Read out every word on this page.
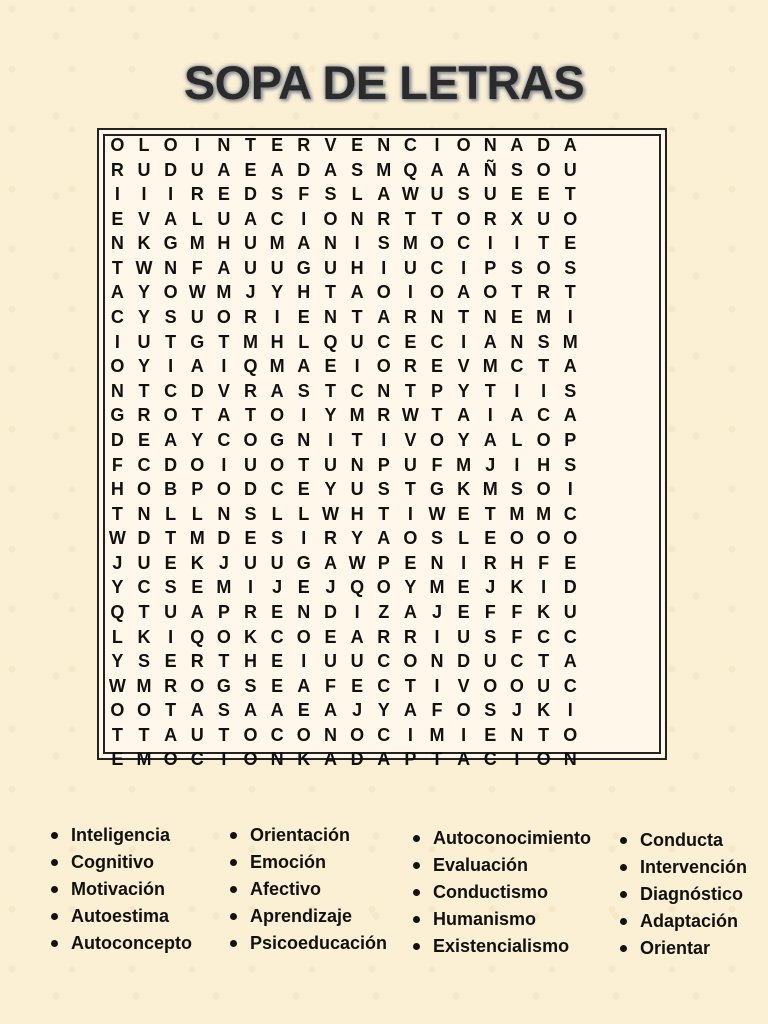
SOPA DE LETRAS
O L O I N T E R V E N C I O N A D A
R U D U A E A D A S M Q A A Ñ S O U
I	I	I R E D S F S L A W U S U E E T
E V A L U A C I O N R T T O R X U O
N K G M H U M A N I	S M O C I	I	T E
T W N F A U U G U H I U C I	P S O S
A Y O W M J Y H T A O I O A O T R T
C Y S U O R I	E N T A R N T N E M I
I U T G T M H L Q U C E C I A N S M
O Y	I A I Q M A E	I O R E V M C T A
N T C D V R A S T C N T P Y T	I	I	S
G R O T A T O I	Y M R W T A I A C A
D E A Y C O G N I	T	I	V O Y A L O P
F C D O I U O T U N P U F M J	I H S
H O B P O D C E Y U S T G K M S O I
T N L L N S L L W H T	I W E T M M C
W D T M D E S	I R Y A O S L E O O O
J U E K J U U G A W P E N I R H F E
Y C S E M I	J E J Q O Y M E J K I D
Q T U A P R E N D I	Z A J E F F K U
L K I Q O K C O E A R R I U S F C C
Y S E R T H E	I U U C O N D U C T A
W M R O G S E A F E C T	I	V O O U C
O O T A S A A E A J Y A F O S J K I
T T A U T O C O N O C I M I	E N T O
E M O C I O N K A D A P T A C I O N
Inteligencia
Cognitivo
Motivación
Autoestima
Autoconcepto
Orientación
Emoción
Afectivo
Aprendizaje
Psicoeducación
Autoconocimiento
Evaluación
Conductismo
Humanismo
Existencialismo
Conducta
Intervención
Diagnóstico
Adaptación
Orientar
